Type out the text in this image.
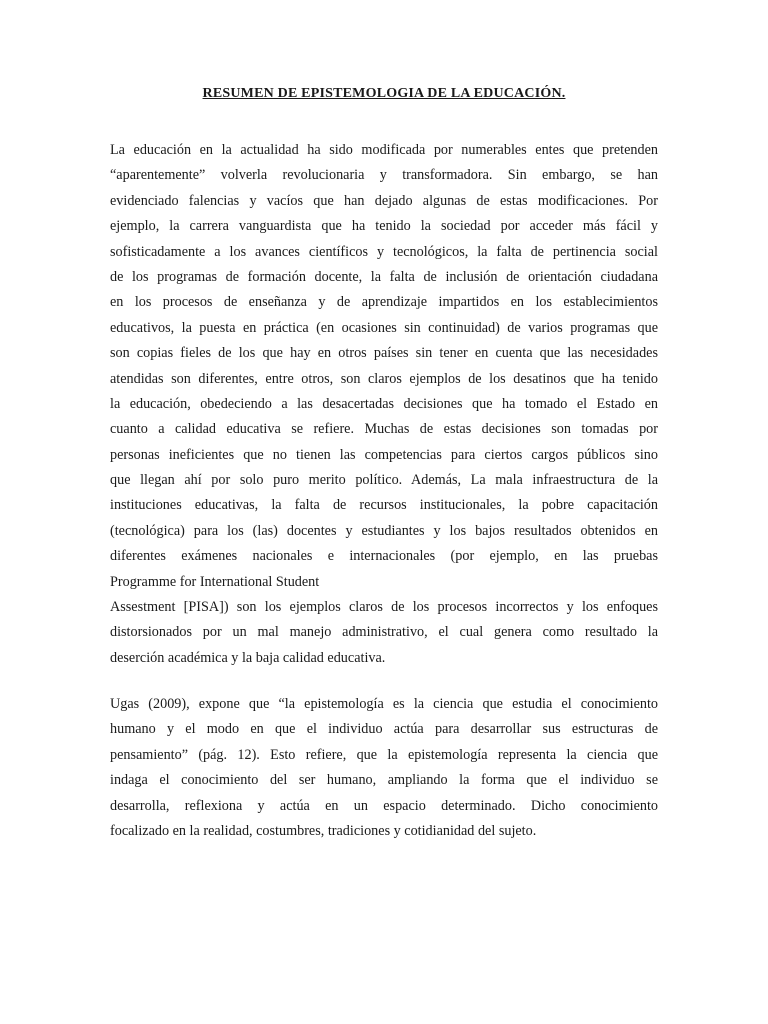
RESUMEN DE EPISTEMOLOGIA DE LA EDUCACIÓN.
La educación en la actualidad ha sido modificada por numerables entes que pretenden
“aparentemente” volverla revolucionaria y transformadora. Sin embargo, se han
evidenciado falencias y vacíos que han dejado algunas de estas modificaciones. Por
ejemplo, la carrera vanguardista que ha tenido la sociedad por acceder más fácil y
sofisticadamente a los avances científicos y tecnológicos, la falta de pertinencia social
de los programas de formación docente, la falta de inclusión de orientación ciudadana
en los procesos de enseñanza y de aprendizaje impartidos en los establecimientos
educativos, la puesta en práctica (en ocasiones sin continuidad) de varios programas que
son copias fieles de los que hay en otros países sin tener en cuenta que las necesidades
atendidas son diferentes, entre otros, son claros ejemplos de los desatinos que ha tenido
la educación, obedeciendo a las desacertadas decisiones que ha tomado el Estado en
cuanto a calidad educativa se refiere. Muchas de estas decisiones son tomadas por
personas ineficientes que no tienen las competencias para ciertos cargos públicos sino
que llegan ahí por solo puro merito político. Además, La mala infraestructura de la
instituciones educativas, la falta de recursos institucionales, la pobre capacitación
(tecnológica) para los (las) docentes y estudiantes y los bajos resultados obtenidos en
diferentes exámenes nacionales e internacionales (por ejemplo, en las pruebas
Programme for International Student
Assestment [PISA]) son los ejemplos claros de los procesos incorrectos y los enfoques
distorsionados por un mal manejo administrativo, el cual genera como resultado la
deserción académica y la baja calidad educativa.
Ugas (2009), expone que “la epistemología es la ciencia que estudia el conocimiento
humano y el modo en que el individuo actúa para desarrollar sus estructuras de
pensamiento” (pág. 12). Esto refiere, que la epistemología representa la ciencia que
indaga el conocimiento del ser humano, ampliando la forma que el individuo se
desarrolla, reflexiona y actúa en un espacio determinado. Dicho conocimiento
focalizado en la realidad, costumbres, tradiciones y cotidianidad del sujeto.
